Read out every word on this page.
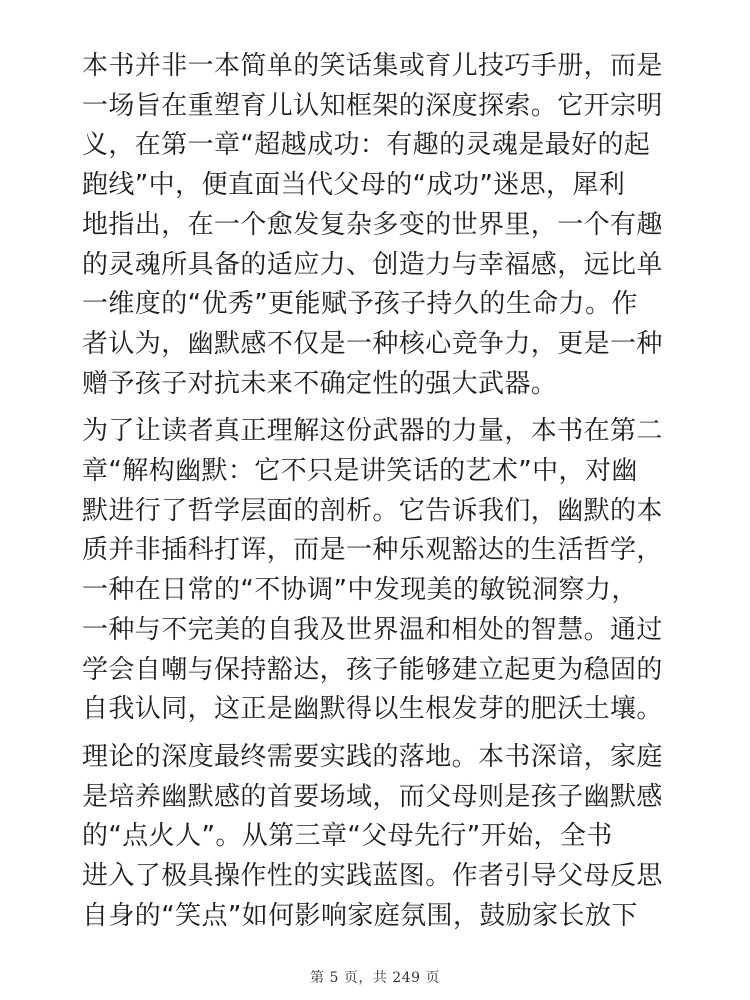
本书并非一本简单的笑话集或育儿技巧手册，而是
一场旨在重塑育儿认知框架的深度探索。它开宗明
义，在第一章“超越成功：有趣的灵魂是最好的起
跑线”中，便直面当代父母的“成功”迷思，犀利
地指出，在一个愈发复杂多变的世界里，一个有趣
的灵魂所具备的适应力、创造力与幸福感，远比单
一维度的“优秀”更能赋予孩子持久的生命力。作
者认为，幽默感不仅是一种核心竞争力，更是一种
赠予孩子对抗未来不确定性的强大武器。

为了让读者真正理解这份武器的力量，本书在第二
章“解构幽默：它不只是讲笑话的艺术”中，对幽
默进行了哲学层面的剖析。它告诉我们，幽默的本
质并非插科打诨，而是一种乐观豁达的生活哲学，
一种在日常的“不协调”中发现美的敏锐洞察力，
一种与不完美的自我及世界温和相处的智慧。通过
学会自嘲与保持豁达，孩子能够建立起更为稳固的
自我认同，这正是幽默得以生根发芽的肥沃土壤。

理论的深度最终需要实践的落地。本书深谙，家庭
是培养幽默感的首要场域，而父母则是孩子幽默感
的“点火人”。从第三章“父母先行”开始，全书
进入了极具操作性的实践蓝图。作者引导父母反思
自身的“笑点”如何影响家庭氛围，鼓励家长放下

第 5 页，共 249 页
